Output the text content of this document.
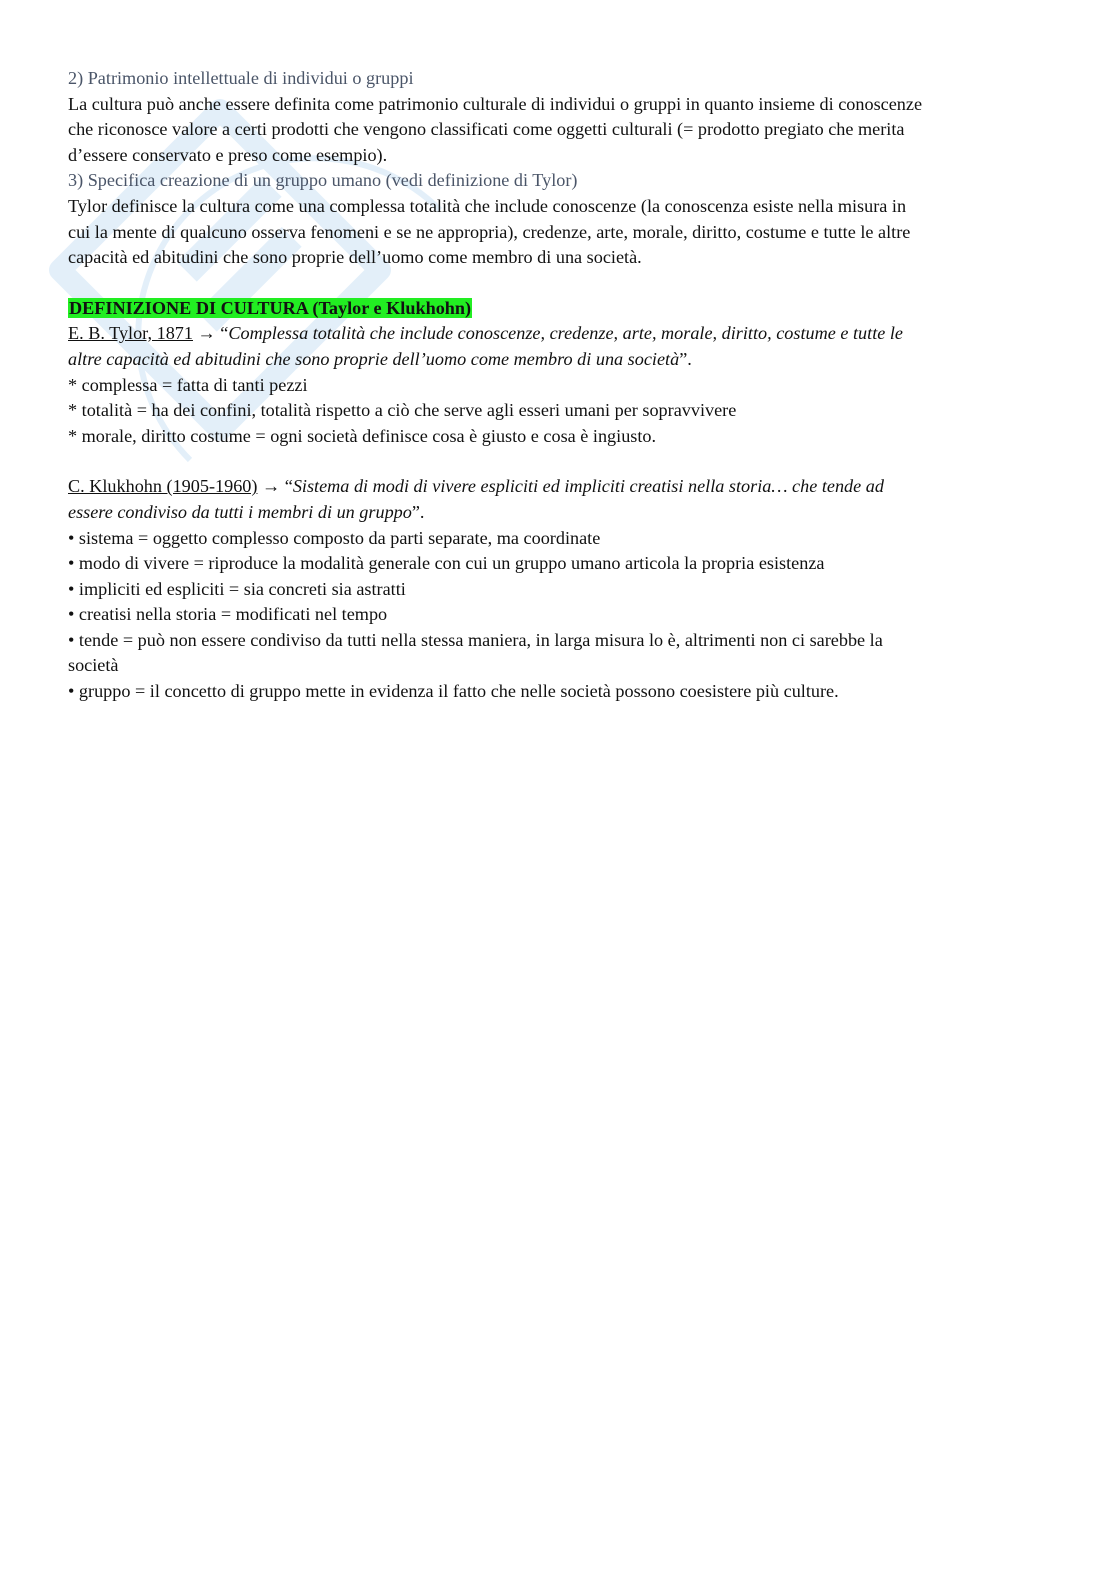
2) Patrimonio intellettuale di individui o gruppi

La cultura può anche essere definita come patrimonio culturale di individui o gruppi in quanto insieme di conoscenze

che riconosce valore a certi prodotti che vengono classificati come oggetti culturali (= prodotto pregiato che merita

d’essere conservato e preso come esempio).

3) Specifica creazione di un gruppo umano (vedi definizione di Tylor)

Tylor definisce la cultura come una complessa totalità che include conoscenze (la conoscenza esiste nella misura in

cui la mente di qualcuno osserva fenomeni e se ne appropria), credenze, arte, morale, diritto, costume e tutte le altre

capacità ed abitudini che sono proprie dell’uomo come membro di una società.

DEFINIZIONE DI CULTURA (Taylor e Klukhohn)

E. B. Tylor, 1871 → “Complessa totalità che include conoscenze, credenze, arte, morale, diritto, costume e tutte le

altre capacità ed abitudini che sono proprie dell’uomo come membro di una società”.

* complessa = fatta di tanti pezzi

* totalità = ha dei confini, totalità rispetto a ciò che serve agli esseri umani per sopravvivere

* morale, diritto costume = ogni società definisce cosa è giusto e cosa è ingiusto.

C. Klukhohn (1905-1960) → “Sistema di modi di vivere espliciti ed impliciti creatisi nella storia… che tende ad

essere condiviso da tutti i membri di un gruppo”.

• sistema = oggetto complesso composto da parti separate, ma coordinate

• modo di vivere = riproduce la modalità generale con cui un gruppo umano articola la propria esistenza

• impliciti ed espliciti = sia concreti sia astratti

• creatisi nella storia = modificati nel tempo

• tende = può non essere condiviso da tutti nella stessa maniera, in larga misura lo è, altrimenti non ci sarebbe la

società

• gruppo = il concetto di gruppo mette in evidenza il fatto che nelle società possono coesistere più culture.
